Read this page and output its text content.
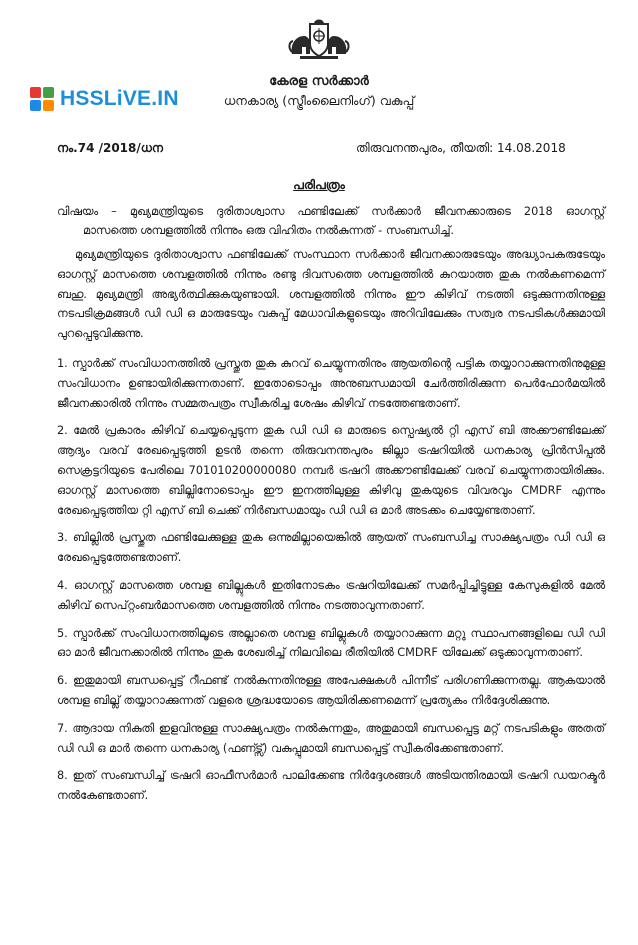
കേരള സർക്കാർ
ധനകാര്യ (സ്ട്രീംലൈനിംഗ്) വകുപ്പ്
HSSLiVE.IN
നം.74 /2018/ധന	തിരുവനന്തപുരം, തീയതി: 14.08.2018
പരിപത്രം
വിഷയം – മുഖ്യമന്ത്രിയുടെ ദുരിതാശ്വാസ ഫണ്ടിലേക്ക് സർക്കാർ ജീവനക്കാരുടെ 2018 ഓഗസ്റ്റ്
മാസത്തെ ശമ്പളത്തിൽ നിന്നും ഒരു വിഹിതം നൽകുന്നത് - സംബന്ധിച്ച്.

മുഖ്യമന്ത്രിയുടെ ദുരിതാശ്വാസ ഫണ്ടിലേക്ക് സംസ്ഥാന സർക്കാർ ജീവനക്കാരുടേയും അദ്ധ്യാപകരുടേയും ഓഗസ്റ്റ് മാസത്തെ ശമ്പളത്തിൽ നിന്നും രണ്ടു ദിവസത്തെ ശമ്പളത്തിൽ കുറയാത്ത തുക നൽകണമെന്ന് ബഹു. മുഖ്യമന്ത്രി അഭ്യർത്ഥിക്കുകയുണ്ടായി. ശമ്പളത്തിൽ നിന്നും ഈ കിഴിവ് നടത്തി ഒടുക്കുന്നതിനുള്ള നടപടിക്രമങ്ങൾ ഡി ഡി ഒ മാരുടേയും വകുപ്പ് മേധാവികളുടെയും അറിവിലേക്കും സത്വര നടപടികൾക്കുമായി പുറപ്പെടുവിക്കുന്നു.

1. സ്പാർക്ക് സംവിധാനത്തിൽ പ്രസ്തുത തുക കുറവ് ചെയ്യുന്നതിനും ആയതിന്റെ പട്ടിക തയ്യാറാക്കുന്നതിനുമുള്ള സംവിധാനം ഉണ്ടായിരിക്കുന്നതാണ്. ഇതോടൊപ്പം അനുബന്ധമായി ചേർത്തിരിക്കുന്ന പെർഫോർമയിൽ ജീവനക്കാരിൽ നിന്നും സമ്മതപത്രം സ്വീകരിച്ച ശേഷം കിഴിവ് നടത്തേണ്ടതാണ്.

2. മേൽ പ്രകാരം കിഴിവ് ചെയ്യപ്പെടുന്ന തുക ഡി ഡി ഒ മാരുടെ സ്പെഷ്യൽ റ്റി എസ് ബി അക്കൗണ്ടിലേക്ക് ആദ്യം വരവ് രേഖപ്പെടുത്തി ഉടൻ തന്നെ തിരുവനന്തപുരം ജില്ലാ ട്രഷറിയിൽ ധനകാര്യ പ്രിൻസിപ്പൽ സെക്രട്ടറിയുടെ പേരിലെ 701010200000080 നമ്പർ ട്രഷറി അക്കൗണ്ടിലേക്ക് വരവ് ചെയ്യുന്നതായിരിക്കും. ഓഗസ്റ്റ് മാസത്തെ ബില്ലിനോടൊപ്പം ഈ ഇനത്തിലുള്ള കിഴിവു തുകയുടെ വിവരവും CMDRF എന്നും രേഖപ്പെടുത്തിയ റ്റി എസ് ബി ചെക്ക് നിർബന്ധമായും ഡി ഡി ഒ മാർ അടക്കം ചെയ്യേണ്ടതാണ്.

3. ബില്ലിൽ പ്രസ്തുത ഫണ്ടിലേക്കുള്ള തുക ഒന്നുമില്ലായെങ്കിൽ ആയത് സംബന്ധിച്ച സാക്ഷ്യപത്രം ഡി ഡി ഒ രേഖപ്പെടുത്തേണ്ടതാണ്.

4. ഓഗസ്റ്റ് മാസത്തെ ശമ്പള ബില്ലുകൾ ഇതിനോടകം ട്രഷറിയിലേക്ക് സമർപ്പിച്ചിട്ടുള്ള കേസുകളിൽ മേൽ കിഴിവ് സെപ്റ്റംബർമാസത്തെ ശമ്പളത്തിൽ നിന്നും നടത്താവുന്നതാണ്.

5. സ്പാർക്ക് സംവിധാനത്തിലൂടെ അല്ലാതെ ശമ്പള ബില്ലുകൾ തയ്യാറാക്കുന്ന മറ്റു സ്ഥാപനങ്ങളിലെ ഡി ഡി ഓ മാർ ജീവനക്കാരിൽ നിന്നും തുക ശേഖരിച്ച് നിലവിലെ രീതിയിൽ CMDRF യിലേക്ക് ഒടുക്കാവുന്നതാണ്.

6. ഇതുമായി ബന്ധപ്പെട്ട് റീഫണ്ട് നൽകുന്നതിനുള്ള അപേക്ഷകൾ പിന്നീട് പരിഗണിക്കുന്നതല്ല. ആകയാൽ ശമ്പള ബില്ല് തയ്യാറാക്കുന്നത് വളരെ ശ്രദ്ധയോടെ ആയിരിക്കണമെന്ന് പ്രത്യേകം നിർദ്ദേശിക്കുന്നു.

7. ആദായ നികുതി ഇളവിനുള്ള സാക്ഷ്യപത്രം നൽകുന്നതും, അതുമായി ബന്ധപ്പെട്ട മറ്റ് നടപടികളും അതത് ഡി ഡി ഒ മാർ തന്നെ ധനകാര്യ (ഫണ്ട്സ്) വകുപ്പുമായി ബന്ധപ്പെട്ട് സ്വീകരിക്കേണ്ടതാണ്.

8. ഇത് സംബന്ധിച്ച് ട്രഷറി ഓഫീസർമാർ പാലിക്കേണ്ട നിർദ്ദേശങ്ങൾ അടിയന്തിരമായി ട്രഷറി ഡയറക്ടർ നൽകേണ്ടതാണ്.
